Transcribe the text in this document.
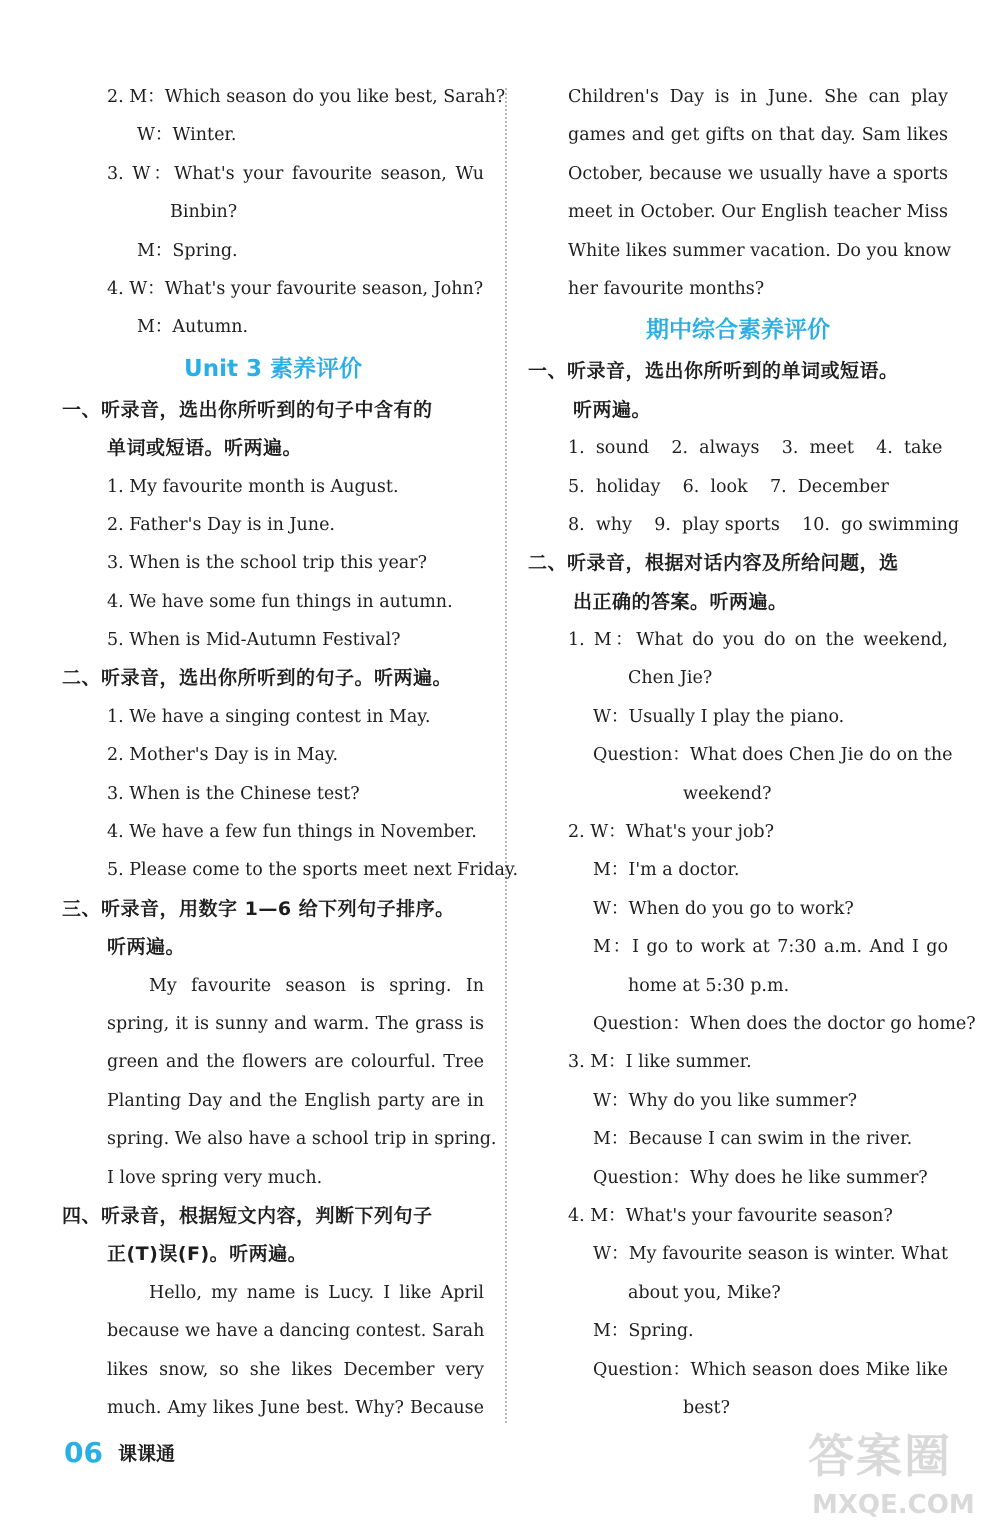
2. M：Which season do you like best, Sarah?
W：Winter.
3. W：What's your favourite season, Wu
Binbin?
M：Spring.
4. W：What's your favourite season, John?
M：Autumn.
Unit 3 素养评价
一、听录音，选出你所听到的句子中含有的
单词或短语。听两遍。
1. My favourite month is August.
2. Father's Day is in June.
3. When is the school trip this year?
4. We have some fun things in autumn.
5. When is Mid-Autumn Festival?
二、听录音，选出你所听到的句子。听两遍。
1. We have a singing contest in May.
2. Mother's Day is in May.
3. When is the Chinese test?
4. We have a few fun things in November.
5. Please come to the sports meet next Friday.
三、听录音，用数字 1—6 给下列句子排序。
听两遍。
My favourite season is spring. In
spring, it is sunny and warm. The grass is
green and the flowers are colourful. Tree
Planting Day and the English party are in
spring. We also have a school trip in spring.
I love spring very much.
四、听录音，根据短文内容，判断下列句子
正(T)误(F)。听两遍。
Hello, my name is Lucy. I like April
because we have a dancing contest. Sarah
likes snow, so she likes December very
much. Amy likes June best. Why? Because
Children's Day is in June. She can play
games and get gifts on that day. Sam likes
October, because we usually have a sports
meet in October. Our English teacher Miss
White likes summer vacation. Do you know
her favourite months?
期中综合素养评价
一、听录音，选出你所听到的单词或短语。
听两遍。
1.  sound    2.  always    3.  meet    4.  take
5.  holiday    6.  look    7.  December
8.  why    9.  play sports    10.  go swimming
二、听录音，根据对话内容及所给问题，选
出正确的答案。听两遍。
1. M：What do you do on the weekend,
Chen Jie?
W：Usually I play the piano.
Question：What does Chen Jie do on the
weekend?
2. W：What's your job?
M：I'm a doctor.
W：When do you go to work?
M：I go to work at 7:30 a.m. And I go
home at 5:30 p.m.
Question：When does the doctor go home?
3. M：I like summer.
W：Why do you like summer?
M：Because I can swim in the river.
Question：Why does he like summer?
4. M：What's your favourite season?
W：My favourite season is winter. What
about you, Mike?
M：Spring.
Question：Which season does Mike like
best?
06 课课通	答案圈
MXQE.COM
